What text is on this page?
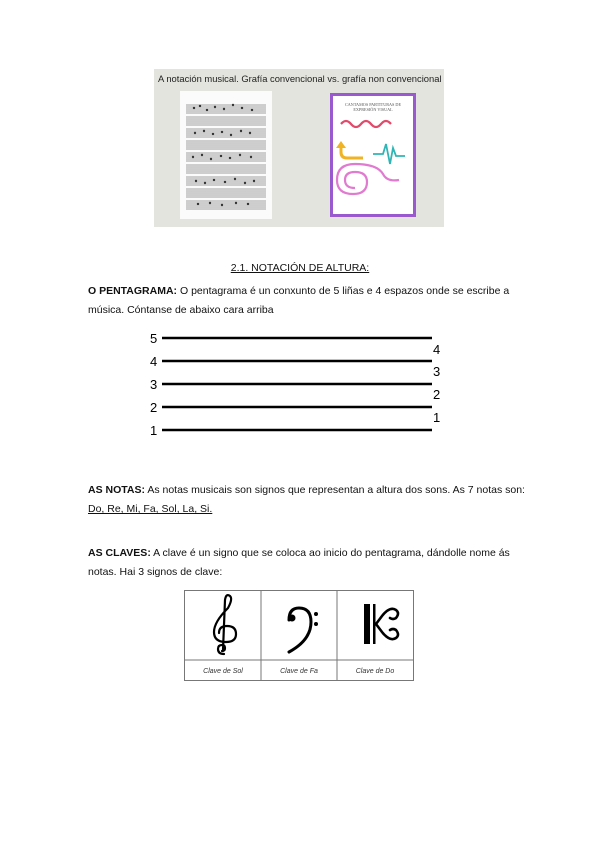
A notación musical. Grafía convencional vs. grafía non convencional
CANTAMOS PARTITURAS DE
EXPRESIÓN VISUAL
2.1. NOTACIÓN DE ALTURA:
O PENTAGRAMA: O pentagrama é un conxunto de 5 liñas e 4 espazos onde se escribe a música. Cóntanse de abaixo cara arriba
5
4
3
2
1
4
3
2
1
AS NOTAS: As notas musicais son signos que representan a altura dos sons. As 7 notas son: Do, Re, Mi, Fa, Sol, La, Si.
AS CLAVES: A clave é un signo que se coloca ao inicio do pentagrama, dándolle nome ás notas. Hai 3 signos de clave:
Clave de Sol	Clave de Fa	Clave de Do
